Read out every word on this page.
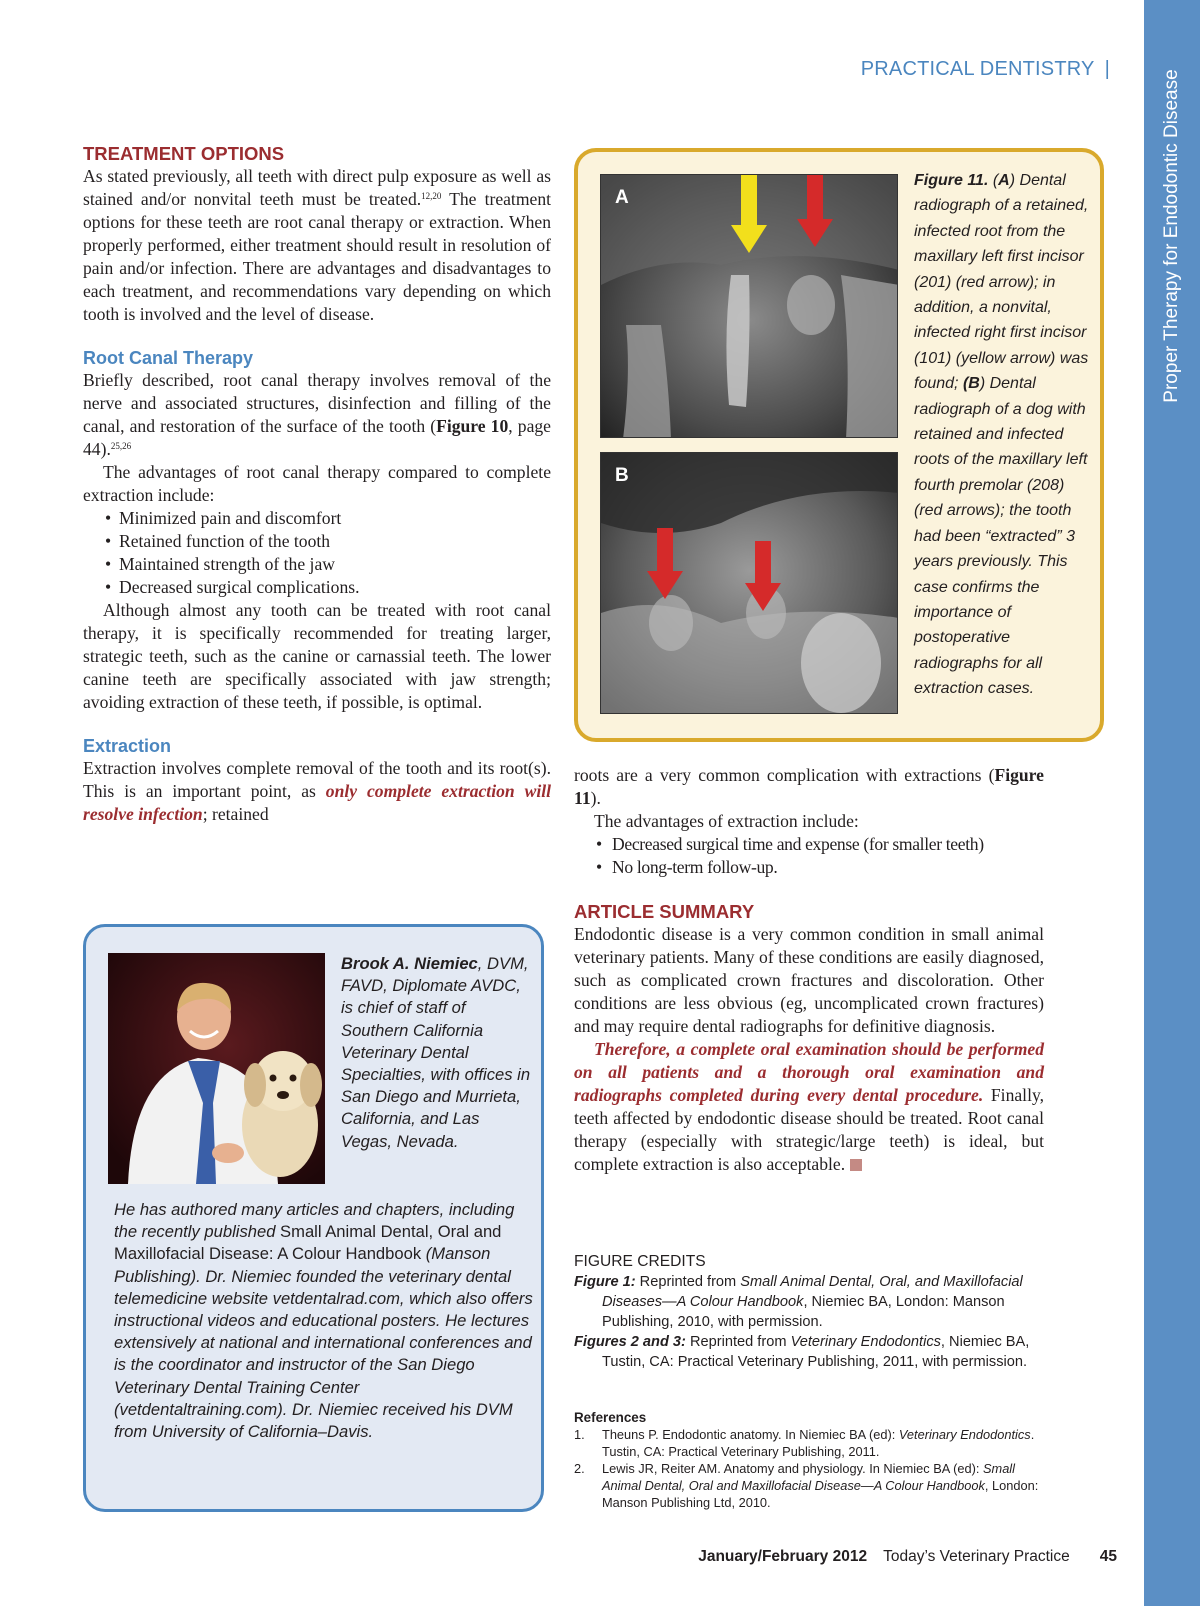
Proper Therapy for Endodontic Disease
PRACTICAL DENTISTRY |
TREATMENT OPTIONS

As stated previously, all teeth with direct pulp exposure as well as stained and/or nonvital teeth must be treated.$^{12,20}$ The treatment options for these teeth are root canal therapy or extraction. When properly performed, either treatment should result in resolution of pain and/or infection. There are advantages and disadvantages to each treatment, and recommendations vary depending on which tooth is involved and the level of disease.

Root Canal Therapy

Briefly described, root canal therapy involves removal of the nerve and associated structures, disinfection and filling of the canal, and restoration of the surface of the tooth (Figure 10, page 44).$^{25,26}$

The advantages of root canal therapy compared to complete extraction include:

• Minimized pain and discomfort
• Retained function of the tooth
• Maintained strength of the jaw
• Decreased surgical complications.

Although almost any tooth can be treated with root canal therapy, it is specifically recommended for treating larger, strategic teeth, such as the canine or carnassial teeth. The lower canine teeth are specifically associated with jaw strength; avoiding extraction of these teeth, if possible, is optimal.

Extraction

Extraction involves complete removal of the tooth and its root(s). This is an important point, as only complete extraction will resolve infection; retained

A
B
Figure 11. (A) Dental radiograph of a retained, infected root from the maxillary left first incisor (201) (red arrow); in addition, a nonvital, infected right first incisor (101) (yellow arrow) was found; (B) Dental radiograph of a dog with retained and infected roots of the maxillary left fourth premolar (208) (red arrows); the tooth had been “extracted” 3 years previously. This case confirms the importance of postoperative radiographs for all extraction cases.

roots are a very common complication with extractions (Figure 11).

The advantages of extraction include:

• Decreased surgical time and expense (for smaller teeth)
• No long-term follow-up.
ARTICLE SUMMARY

Endodontic disease is a very common condition in small animal veterinary patients. Many of these conditions are easily diagnosed, such as complicated crown fractures and discoloration. Other conditions are less obvious (eg, uncomplicated crown fractures) and may require dental radiographs for definitive diagnosis.

Therefore, a complete oral examination should be performed on all patients and a thorough oral examination and radiographs completed during every dental procedure. Finally, teeth affected by endodontic disease should be treated. Root canal therapy (especially with strategic/large teeth) is ideal, but complete extraction is also acceptable.

Brook A. Niemiec, DVM, FAVD, Diplomate AVDC, is chief of staff of Southern California Veterinary Dental Specialties, with offices in San Diego and Murrieta, California, and Las Vegas, Nevada.
He has authored many articles and chapters, including the recently published Small Animal Dental, Oral and Maxillofacial Disease: A Colour Handbook (Manson Publishing). Dr. Niemiec founded the veterinary dental telemedicine website vetdentalrad.com, which also offers instructional videos and educational posters. He lectures extensively at national and international conferences and is the coordinator and instructor of the San Diego Veterinary Dental Training Center (vetdentaltraining.com). Dr. Niemiec received his DVM from University of California–Davis.
FIGURE CREDITS
Figure 1: Reprinted from Small Animal Dental, Oral, and Maxillofacial Diseases—A Colour Handbook, Niemiec BA, London: Manson Publishing, 2010, with permission.
Figures 2 and 3: Reprinted from Veterinary Endodontics, Niemiec BA, Tustin, CA: Practical Veterinary Publishing, 2011, with permission.
References
1. Theuns P. Endodontic anatomy. In Niemiec BA (ed): Veterinary Endodontics. Tustin, CA: Practical Veterinary Publishing, 2011.
2. Lewis JR, Reiter AM. Anatomy and physiology. In Niemiec BA (ed): Small Animal Dental, Oral and Maxillofacial Disease—A Colour Handbook, London: Manson Publishing Ltd, 2010.
January/February 2012 Today’s Veterinary Practice 45
